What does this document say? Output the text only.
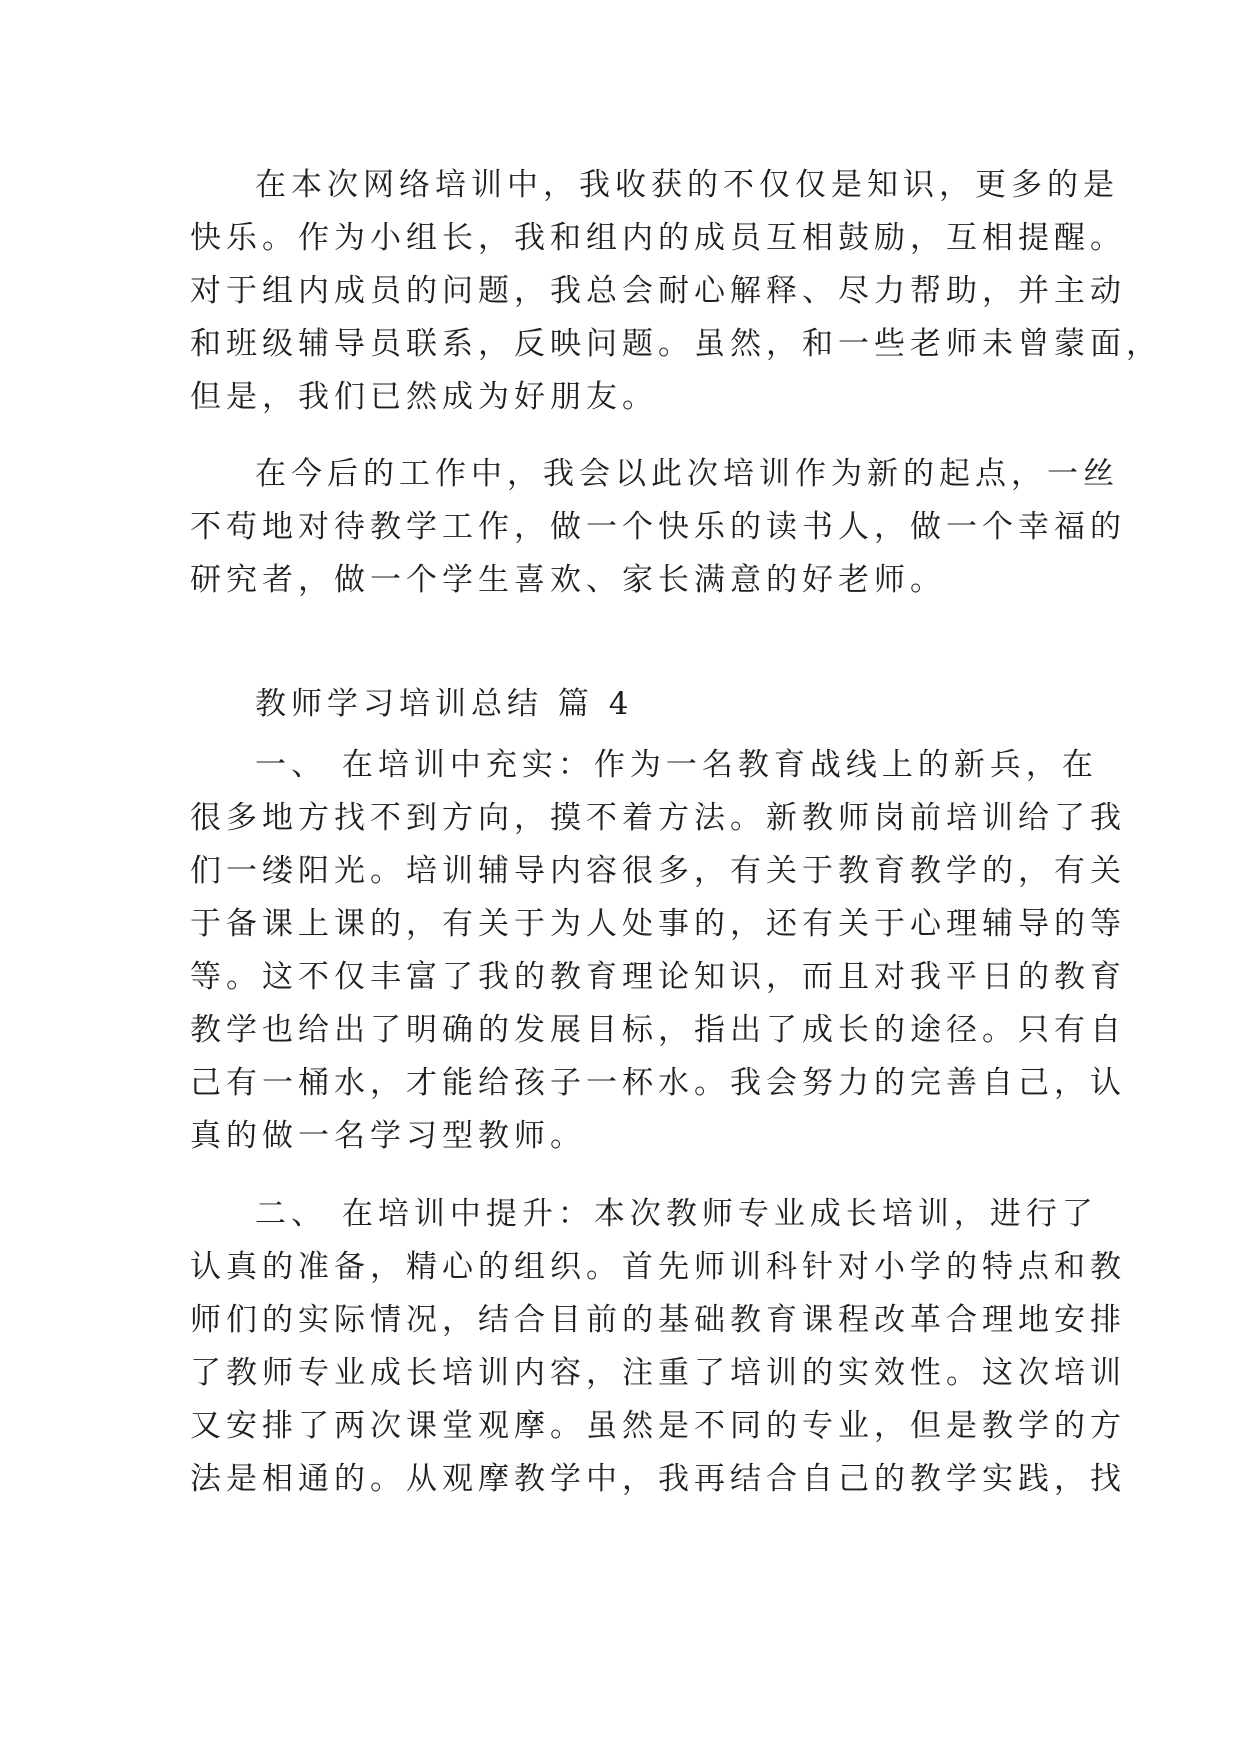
在本次网络培训中，我收获的不仅仅是知识，更多的是
快乐。作为小组长，我和组内的成员互相鼓励，互相提醒。
对于组内成员的问题，我总会耐心解释、尽力帮助，并主动
和班级辅导员联系，反映问题。虽然，和一些老师未曾蒙面，
但是，我们已然成为好朋友。
在今后的工作中，我会以此次培训作为新的起点，一丝
不苟地对待教学工作，做一个快乐的读书人，做一个幸福的
研究者，做一个学生喜欢、家长满意的好老师。
教师学习培训总结 篇 4
一、 在培训中充实：作为一名教育战线上的新兵，在
很多地方找不到方向，摸不着方法。新教师岗前培训给了我
们一缕阳光。培训辅导内容很多，有关于教育教学的，有关
于备课上课的，有关于为人处事的，还有关于心理辅导的等
等。这不仅丰富了我的教育理论知识，而且对我平日的教育
教学也给出了明确的发展目标，指出了成长的途径。只有自
己有一桶水，才能给孩子一杯水。我会努力的完善自己，认
真的做一名学习型教师。
二、 在培训中提升：本次教师专业成长培训，进行了
认真的准备，精心的组织。首先师训科针对小学的特点和教
师们的实际情况，结合目前的基础教育课程改革合理地安排
了教师专业成长培训内容，注重了培训的实效性。这次培训
又安排了两次课堂观摩。虽然是不同的专业，但是教学的方
法是相通的。从观摩教学中，我再结合自己的教学实践，找
